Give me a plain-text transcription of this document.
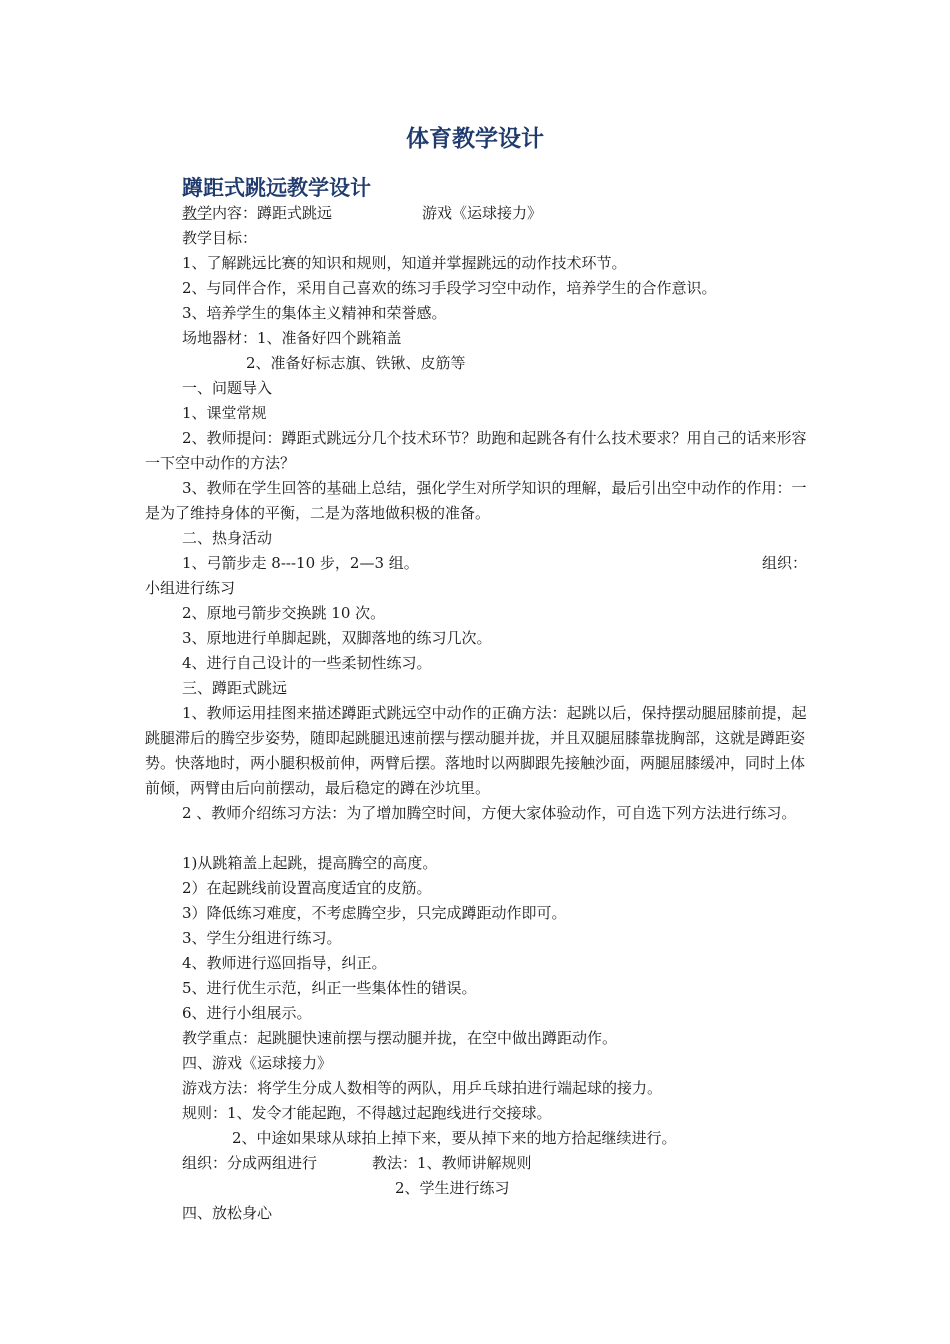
体育教学设计
蹲距式跳远教学设计
教学内容：蹲距式跳远	游戏《运球接力》
教学目标：
1、了解跳远比赛的知识和规则，知道并掌握跳远的动作技术环节。
2、与同伴合作，采用自己喜欢的练习手段学习空中动作，培养学生的合作意识。
3、培养学生的集体主义精神和荣誉感。
场地器材：1、准备好四个跳箱盖
2、准备好标志旗、铁锹、皮筋等
一、问题导入
1、课堂常规
2、教师提问：蹲距式跳远分几个技术环节？助跑和起跳各有什么技术要求？用自己的话来形容一下空中动作的方法？
3、教师在学生回答的基础上总结，强化学生对所学知识的理解，最后引出空中动作的作用：一是为了维持身体的平衡，二是为落地做积极的准备。
二、热身活动
1、弓箭步走 8---10 步，2—3 组。	组织：
小组进行练习
2、原地弓箭步交换跳 10 次。
3、原地进行单脚起跳，双脚落地的练习几次。
4、进行自己设计的一些柔韧性练习。
三、蹲距式跳远
1、教师运用挂图来描述蹲距式跳远空中动作的正确方法：起跳以后，保持摆动腿屈膝前提，起跳腿滞后的腾空步姿势，随即起跳腿迅速前摆与摆动腿并拢，并且双腿屈膝靠拢胸部，这就是蹲距姿势。快落地时，两小腿积极前伸，两臂后摆。落地时以两脚跟先接触沙面，两腿屈膝缓冲，同时上体前倾，两臂由后向前摆动，最后稳定的蹲在沙坑里。
2 、教师介绍练习方法：为了增加腾空时间，方便大家体验动作，可自选下列方法进行练习。
1)从跳箱盖上起跳，提高腾空的高度。
2）在起跳线前设置高度适宜的皮筋。
3）降低练习难度，不考虑腾空步，只完成蹲距动作即可。
3、学生分组进行练习。
4、教师进行巡回指导，纠正。
5、进行优生示范，纠正一些集体性的错误。
6、进行小组展示。
教学重点：起跳腿快速前摆与摆动腿并拢，在空中做出蹲距动作。
四、游戏《运球接力》
游戏方法：将学生分成人数相等的两队，用乒乓球拍进行端起球的接力。
规则：1、发令才能起跑，不得越过起跑线进行交接球。
2、中途如果球从球拍上掉下来，要从掉下来的地方拾起继续进行。
组织：分成两组进行	教法：1、教师讲解规则
2、学生进行练习
四、放松身心
